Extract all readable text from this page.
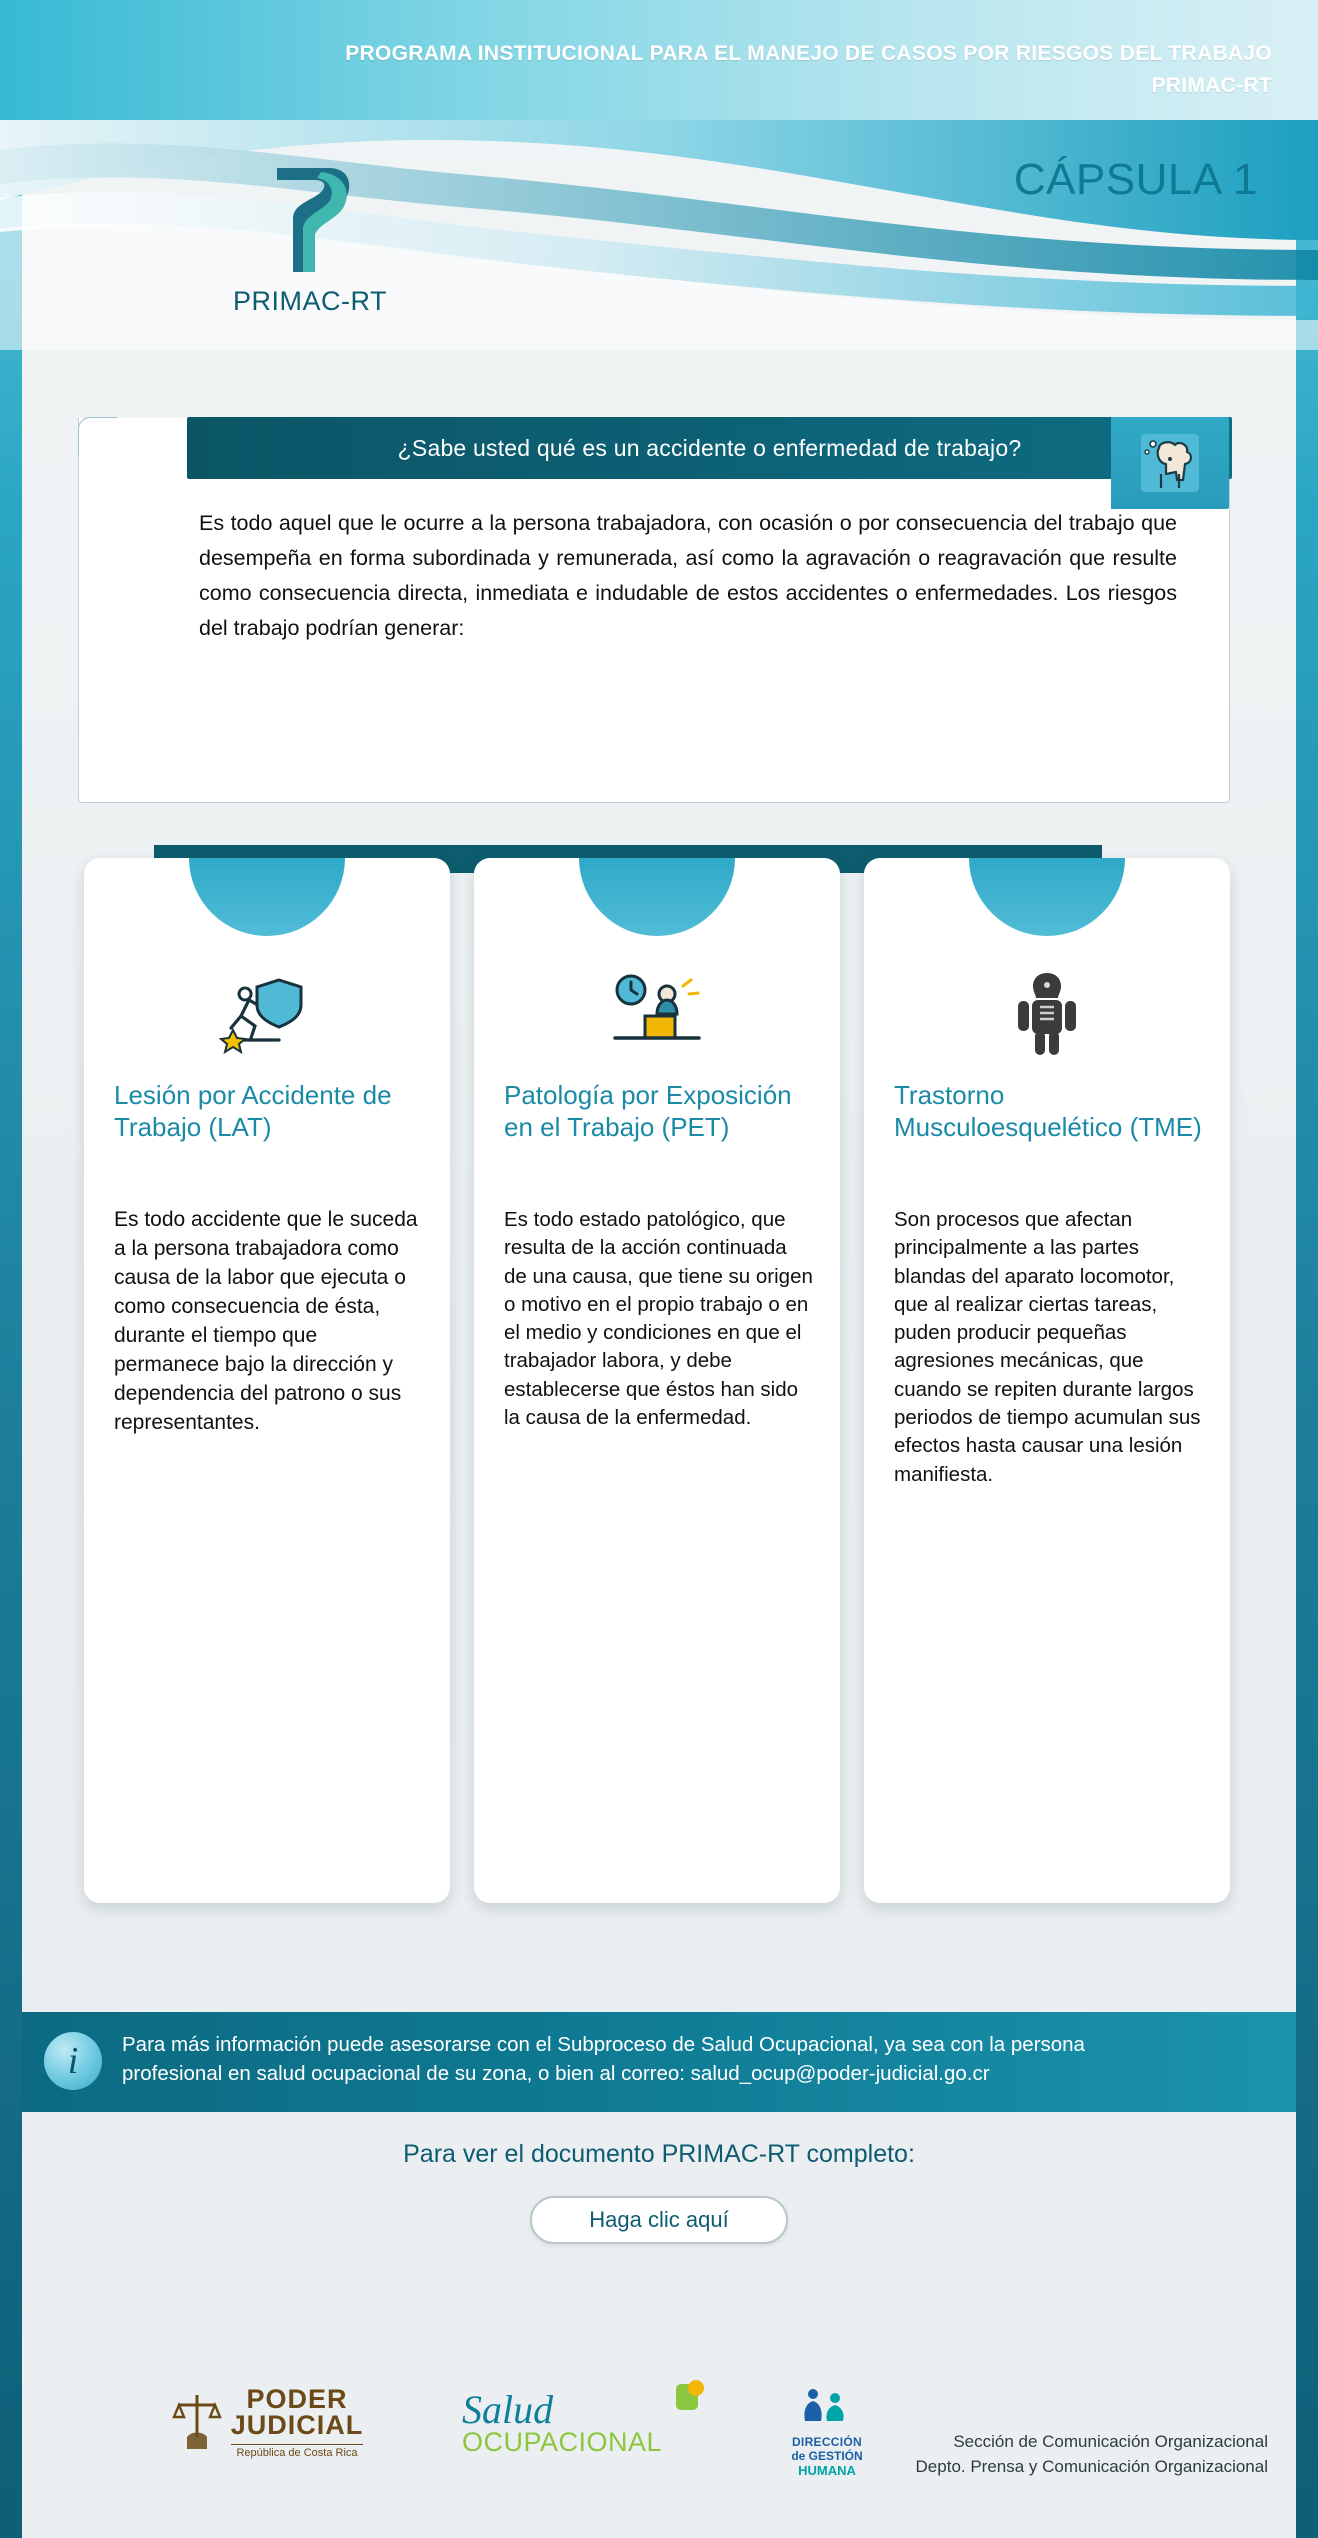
PROGRAMA INSTITUCIONAL PARA EL MANEJO DE CASOS POR RIESGOS DEL TRABAJO
PRIMAC-RT
CÁPSULA 1
PRIMAC-RT
¿Sabe usted qué es un accidente o enfermedad de trabajo?
Es todo aquel que le ocurre a la persona trabajadora, con ocasión o por consecuencia del trabajo que desempeña en forma subordinada y remunerada, así como la agravación o reagravación que resulte como consecuencia directa, inmediata e indudable de estos accidentes o enfermedades. Los riesgos del trabajo podrían generar:
Lesión por Accidente de Trabajo (LAT)
Es todo accidente que le suceda a la persona trabajadora como causa de la labor que ejecuta o como consecuencia de ésta, durante el tiempo que permanece bajo la dirección y dependencia del patrono o sus representantes.
Patología por Exposición en el Trabajo (PET)
Es todo estado patológico, que resulta de la acción continuada de una causa, que tiene su origen o motivo en el propio trabajo o en el medio y condiciones en que el trabajador labora, y debe establecerse que éstos han sido la causa de la enfermedad.
Trastorno Musculoesquelético (TME)
Son procesos que afectan principalmente a las partes blandas del aparato locomotor, que al realizar ciertas tareas, puden producir pequeñas agresiones mecánicas, que cuando se repiten durante largos periodos de tiempo acumulan sus efectos hasta causar una lesión manifiesta.
i	Para más información puede asesorarse con el Subproceso de Salud Ocupacional, ya sea con la persona
profesional en salud ocupacional de su zona, o bien al correo: salud_ocup@poder-judicial.go.cr
Para ver el documento PRIMAC-RT completo:
Haga clic aquí
PODER
JUDICIAL
República de Costa Rica
Salud
OCUPACIONAL	DIRECCIÓN
de GESTIÓN
HUMANA
Sección de Comunicación Organizacional
Depto. Prensa y Comunicación Organizacional
